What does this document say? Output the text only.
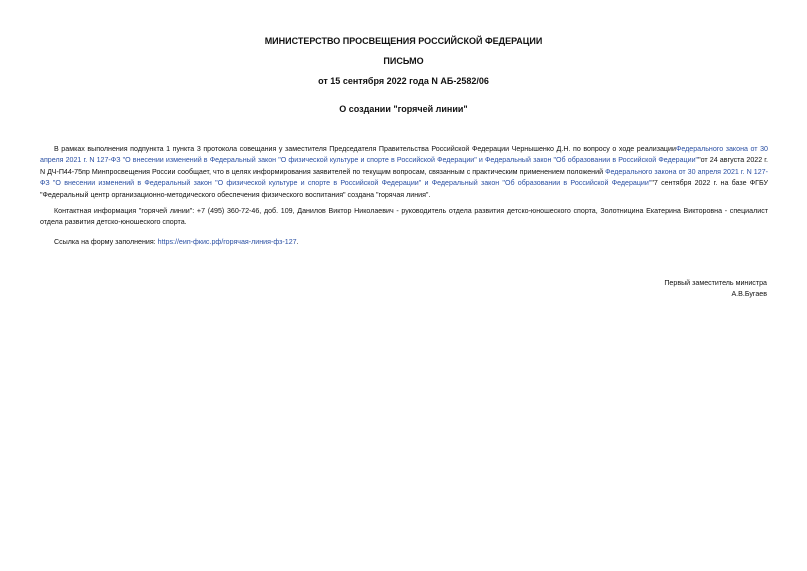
МИНИСТЕРСТВО ПРОСВЕЩЕНИЯ РОССИЙСКОЙ ФЕДЕРАЦИИ
ПИСЬМО
от 15 сентября 2022 года N АБ-2582/06
О создании "горячей линии"

В рамках выполнения подпункта 1 пункта 3 протокола совещания у заместителя Председателя Правительства Российской Федерации Чернышенко Д.Н. по вопросу о ходе реализацииФедерального закона от 30 апреля 2021 г. N 127-ФЗ "О внесении изменений в Федеральный закон "О физической культуре и спорте в Российской Федерации" и Федеральный закон "Об образовании в Российской Федерации""от 24 августа 2022 г. N ДЧ-П44-75пр Минпросвещения России сообщает, что в целях информирования заявителей по текущим вопросам, связанным с практическим применением положений Федерального закона от 30 апреля 2021 г. N 127-ФЗ "О внесении изменений в Федеральный закон "О физической культуре и спорте в Российской Федерации" и Федеральный закон "Об образовании в Российской Федерации""7 сентября 2022 г. на базе ФГБУ "Федеральный центр организационно-методического обеспечения физического воспитания" создана "горячая линия".

Контактная информация "горячей линии": +7 (495) 360-72-46, доб. 109, Данилов Виктор Николаевич - руководитель отдела развития детско-юношеского спорта, Золотницина Екатерина Викторовна - специалист отдела развития детско-юношеского спорта.

Ссылка на форму заполнения: https://еип-фкис.рф/горячая-линия-фз-127.

Первый заместитель министра
А.В.Бугаев
